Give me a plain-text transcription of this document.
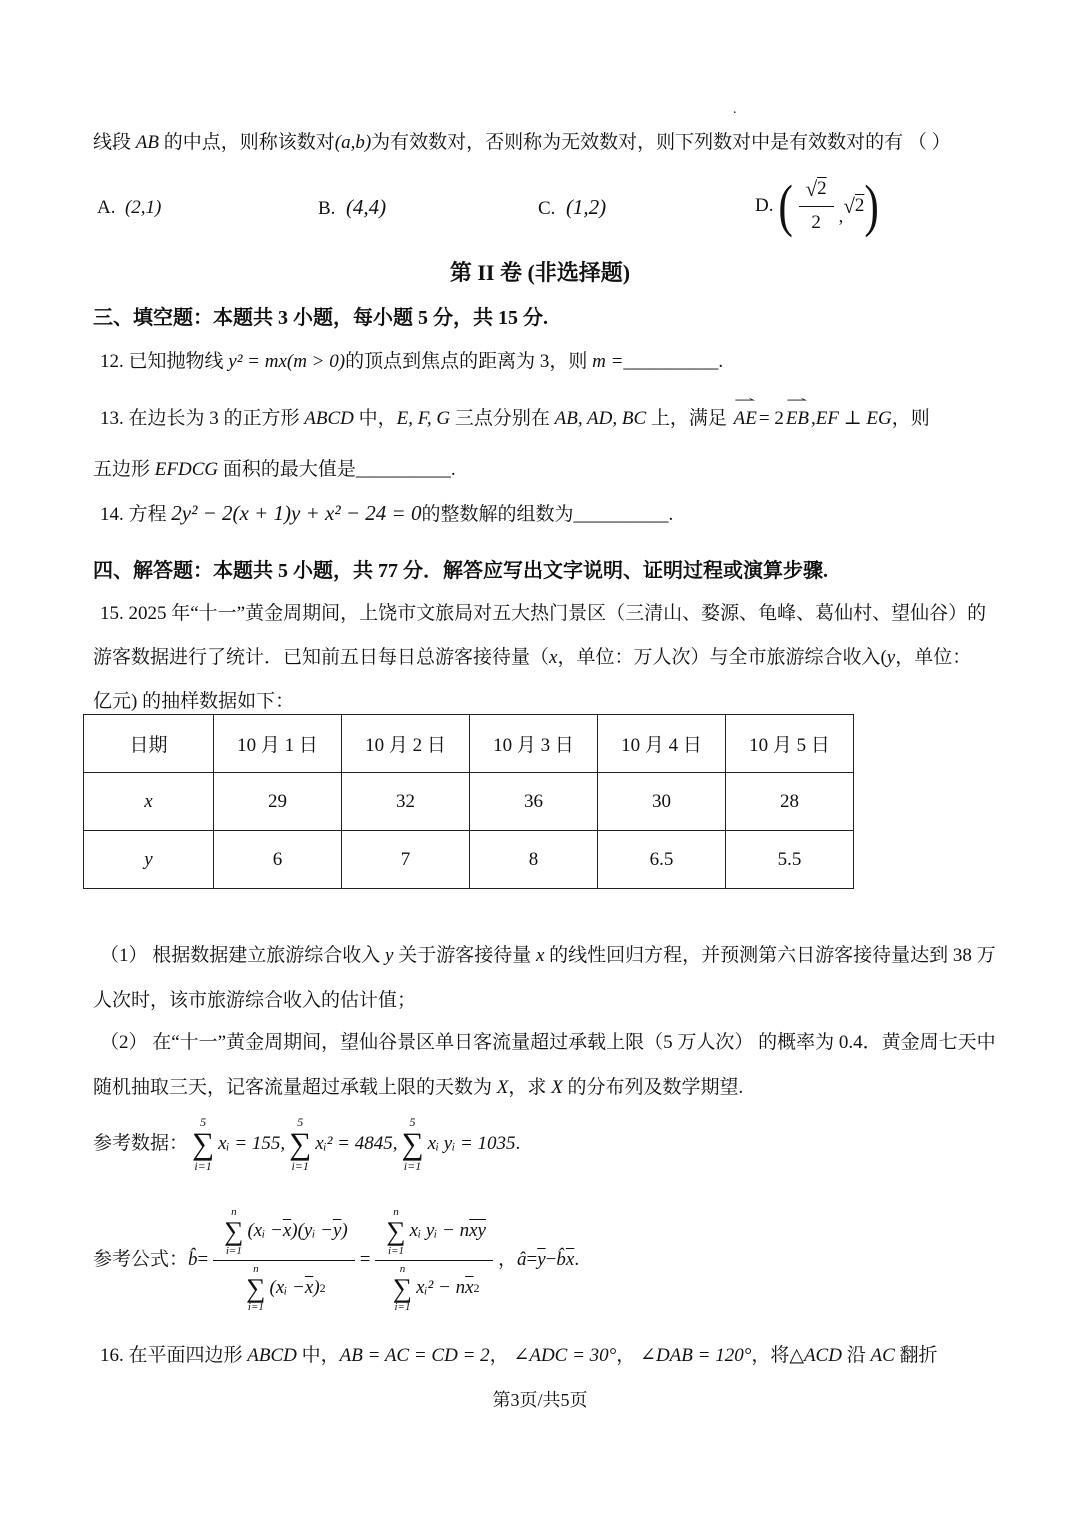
.
线段 AB 的中点，则称该数对(a,b)为有效数对，否则称为无效数对，则下列数对中是有效数对的有 （ ）
A. (2,1)	B. (4,4)	C. (1,2)	D.
( $\frac{√ 2}{2}$ , √ 2 )
第 II 卷 (非选择题)
三、填空题：本题共 3 小题，每小题 5 分，共 15 分.
12. 已知抛物线 y² = mx(m > 0)的顶点到焦点的距离为 3，则 m =__________.
13. 在边长为 3 的正方形 ABCD 中，E, F, G 三点分别在 AB, AD, BC 上，满足
⇀
AE = 2
⇀
EB ,EF ⊥ EG，则
五边形 EFDCG 面积的最大值是__________.
14. 方程 2y² − 2(x + 1)y + x² − 24 = 0的整数解的组数为__________.
四、解答题：本题共 5 小题，共 77 分．解答应写出文字说明、证明过程或演算步骤.
15. 2025 年“十一”黄金周期间，上饶市文旅局对五大热门景区（三清山、婺源、龟峰、葛仙村、望仙谷）的
游客数据进行了统计．已知前五日每日总游客接待量（x，单位：万人次）与全市旅游综合收入(y，单位：
亿元) 的抽样数据如下：
日期	10 月 1 日	10 月 2 日	10 月 3 日	10 月 4 日	10 月 5 日
x	29	32	36	30	28
y	6	7	8	6.5	5.5
（1） 根据数据建立旅游综合收入 y 关于游客接待量 x 的线性回归方程，并预测第六日游客接待量达到 38 万
人次时，该市旅游综合收入的估计值；
（2） 在“十一”黄金周期间，望仙谷景区单日客流量超过承载上限（5 万人次） 的概率为 0.4．黄金周七天中
随机抽取三天，记客流量超过承载上限的天数为 X，求 X 的分布列及数学期望.
参考数据：
5
∑
i=1
xᵢ = 155,
5
∑
i=1
xᵢ² = 4845,
5
∑
i=1
xᵢ yᵢ = 1035 .
参考公式： b̂ =
n
∑
i=1
(xᵢ − $\overline{x}$ )(yᵢ − $\overline{y}$ )
n
∑
i=1
(xᵢ − $\overline{x}$ ) 2
= n
∑
i=1
xᵢ yᵢ − n $\overline{xy}$
n
∑
i=1
xᵢ² − n $\overline{x}$ 2 ， â = $\overline{y}$ − b̂ $\overline{x}$ .
16. 在平面四边形 ABCD 中，AB = AC = CD = 2， ∠ADC = 30°， ∠DAB = 120°，将△ACD 沿 AC 翻折
第3页/共5页
